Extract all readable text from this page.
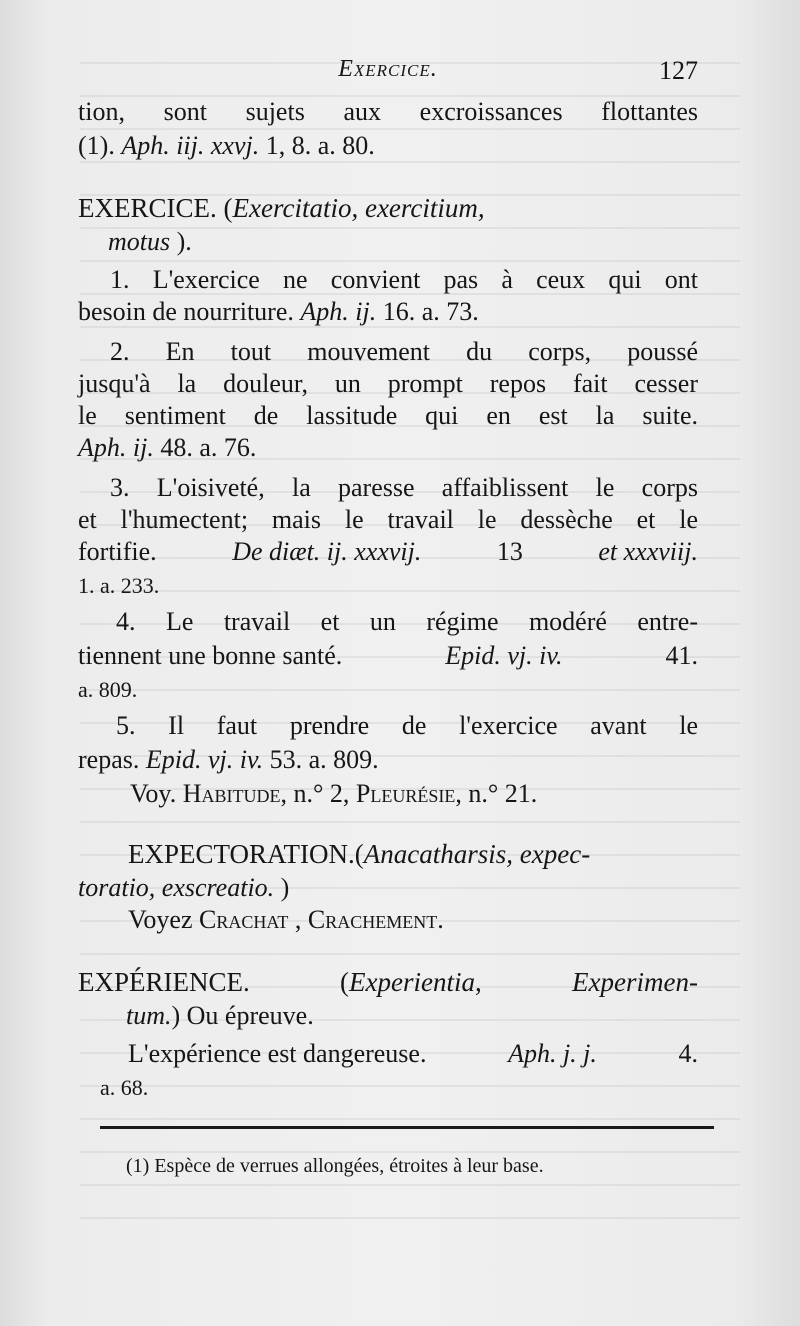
Exercice.	127
tion, sont sujets aux excroissances flottantes
(1). Aph. iij. xxvj. 1, 8. a. 80.
EXERCICE. (Exercitatio, exercitium,
motus ).
1. L'exercice ne convient pas à ceux qui ont
besoin de nourriture. Aph. ij. 16. a. 73.
2. En tout mouvement du corps, poussé
jusqu'à la douleur, un prompt repos fait cesser
le sentiment de lassitude qui en est la suite.
Aph. ij. 48. a. 76.
3. L'oisiveté, la paresse affaiblissent le corps
et l'humectent; mais le travail le dessèche et le
fortifie.	De diæt. ij. xxxvij.	13	et xxxviij.
1. a. 233.
4. Le travail et un régime modéré entre-
tiennent une bonne santé.	Epid. vj. iv.	41.
a. 809.
5. Il faut prendre de l'exercice avant le
repas. Epid. vj. iv. 53. a. 809.
Voy. Habitude, n.° 2, Pleurésie, n.° 21.
EXPECTORATION.(Anacatharsis, expec-
toratio, exscreatio. )
Voyez Crachat , Crachement.
EXPÉRIENCE.	(Experientia,	Experimen-
tum.) Ou épreuve.
L'expérience est dangereuse.	Aph. j. j.	4.
a. 68.
(1) Espèce de verrues allongées, étroites à leur base.
